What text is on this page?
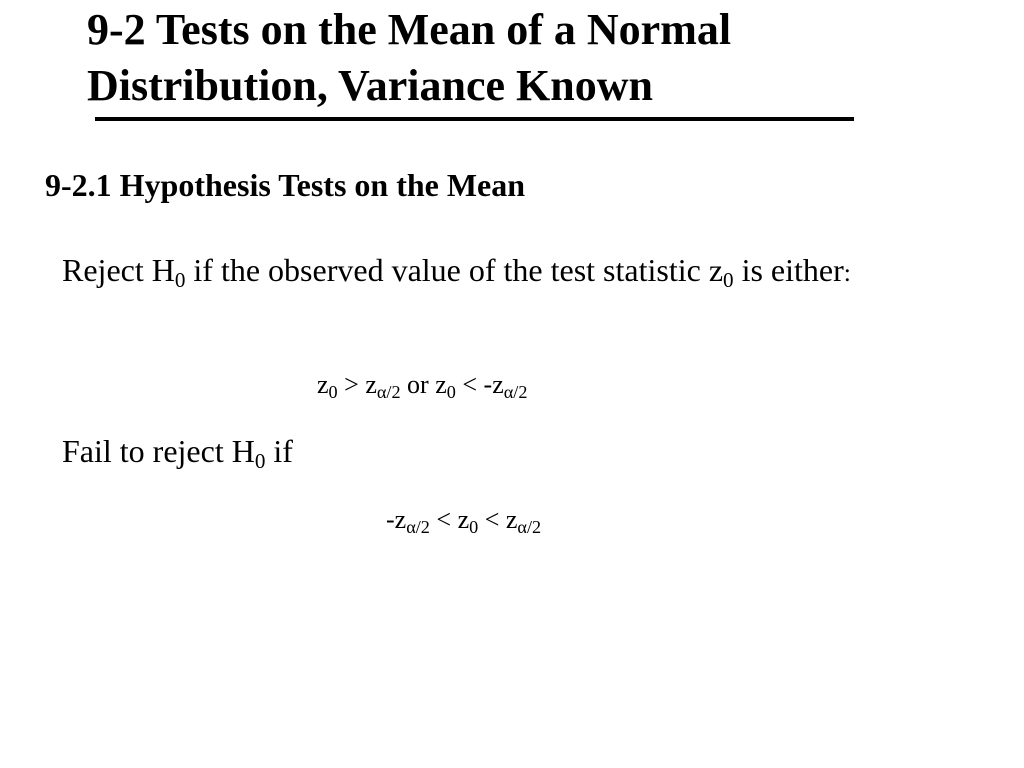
9-2 Tests on the Mean of a Normal
Distribution, Variance Known
9-2.1 Hypothesis Tests on the Mean

Reject $H_0$ if the observed value of the test statistic $z_0$ is either:

$z_0 > z_{\alpha/2}$ or $z_0 < -z_{\alpha/2}$

Fail to reject $H_0$ if

$-z_{\alpha/2} < z_0 < z_{\alpha/2}$
